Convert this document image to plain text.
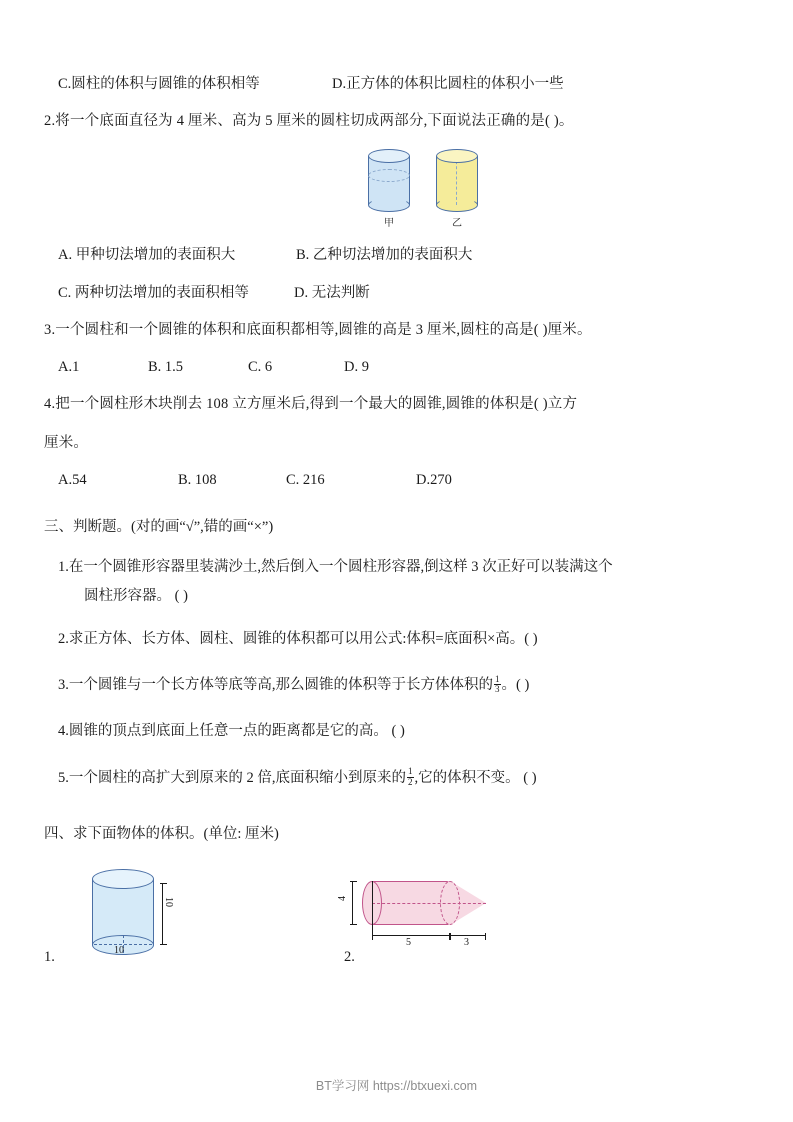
C.圆柱的体积与圆锥的体积相等	D.正方体的体积比圆柱的体积小一些

2.将一个底面直径为 4 厘米、高为 5 厘米的圆柱切成两部分,下面说法正确的是( )。

甲	乙
A. 甲种切法增加的表面积大	B. 乙种切法增加的表面积大
C. 两种切法增加的表面积相等	D. 无法判断

3.一个圆柱和一个圆锥的体积和底面积都相等,圆锥的高是 3 厘米,圆柱的高是( )厘米。

A.1	B. 1.5	C. 6	D. 9

4.把一个圆柱形木块削去 108 立方厘米后,得到一个最大的圆锥,圆锥的体积是( )立方

厘米。

A.54	B. 108	C. 216	D.270

三、判断题。(对的画“√”,错的画“×”)

1.在一个圆锥形容器里装满沙土,然后倒入一个圆柱形容器,倒这样 3 次正好可以装满这个

圆柱形容器。 ( )

2.求正方体、长方体、圆柱、圆锥的体积都可以用公式:体积=底面积×高。( )

3.一个圆锥与一个长方体等底等高,那么圆锥的体积等于长方体体积的 $\frac{1}{3}$ 。( )

4.圆锥的顶点到底面上任意一点的距离都是它的高。 ( )

5.一个圆柱的高扩大到原来的 2 倍,底面积缩小到原来的 $\frac{1}{2}$ ,它的体积不变。 ( )

四、求下面物体的体积。(单位: 厘米)

1.
10
10	2.
4
5	3
BT学习网 https://btxuexi.com
